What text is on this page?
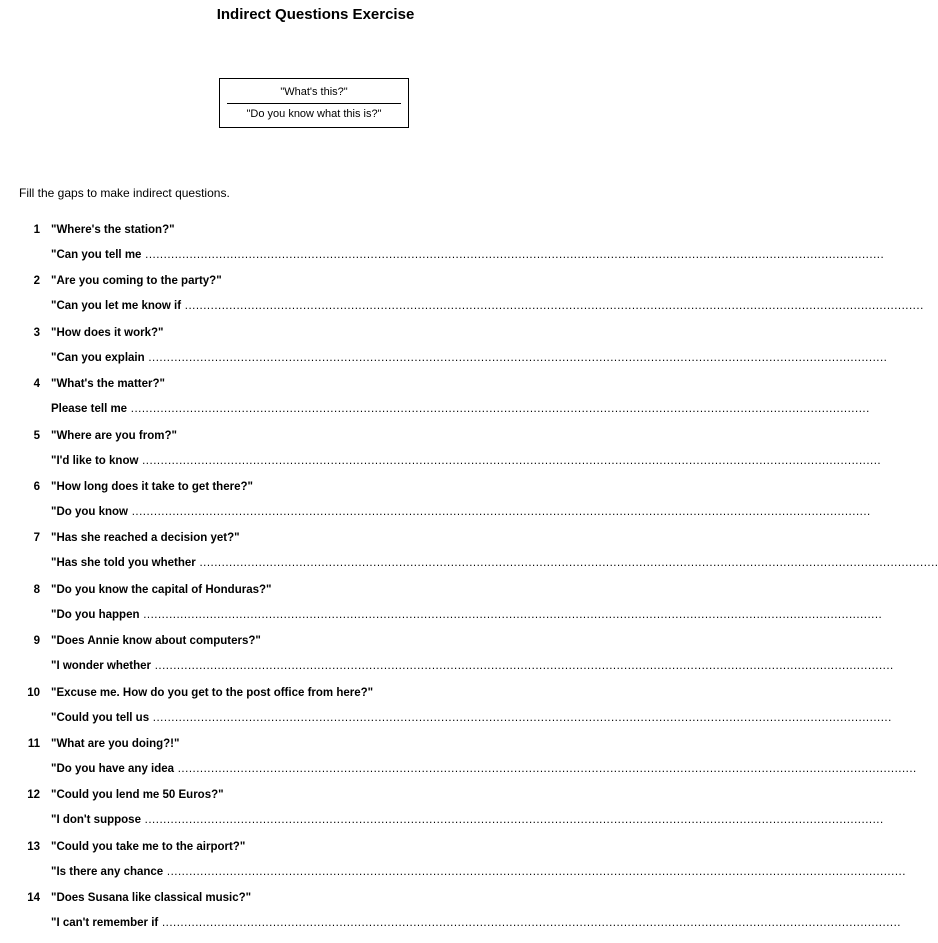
Indirect Questions Exercise
"What's this?"
"Do you know what this is?"
Fill the gaps to make indirect questions.
1 "Where's the station?"
"Can you tell me ........................................................................................................................................................................................................
2 "Are you coming to the party?"
"Can you let me know if ........................................................................................................................................................................................................
3 "How does it work?"
"Can you explain ........................................................................................................................................................................................................
4 "What's the matter?"
Please tell me ........................................................................................................................................................................................................
5 "Where are you from?"
"I'd like to know ........................................................................................................................................................................................................
6 "How long does it take to get there?"
"Do you know ........................................................................................................................................................................................................
7 "Has she reached a decision yet?"
"Has she told you whether ........................................................................................................................................................................................................
8 "Do you know the capital of Honduras?"
"Do you happen ........................................................................................................................................................................................................
9 "Does Annie know about computers?"
"I wonder whether ........................................................................................................................................................................................................
10 "Excuse me. How do you get to the post office from here?"
"Could you tell us ........................................................................................................................................................................................................
11 "What are you doing?!"
"Do you have any idea ........................................................................................................................................................................................................
12 "Could you lend me 50 Euros?"
"I don't suppose ........................................................................................................................................................................................................
13 "Could you take me to the airport?"
"Is there any chance ........................................................................................................................................................................................................
14 "Does Susana like classical music?"
"I can't remember if ........................................................................................................................................................................................................
